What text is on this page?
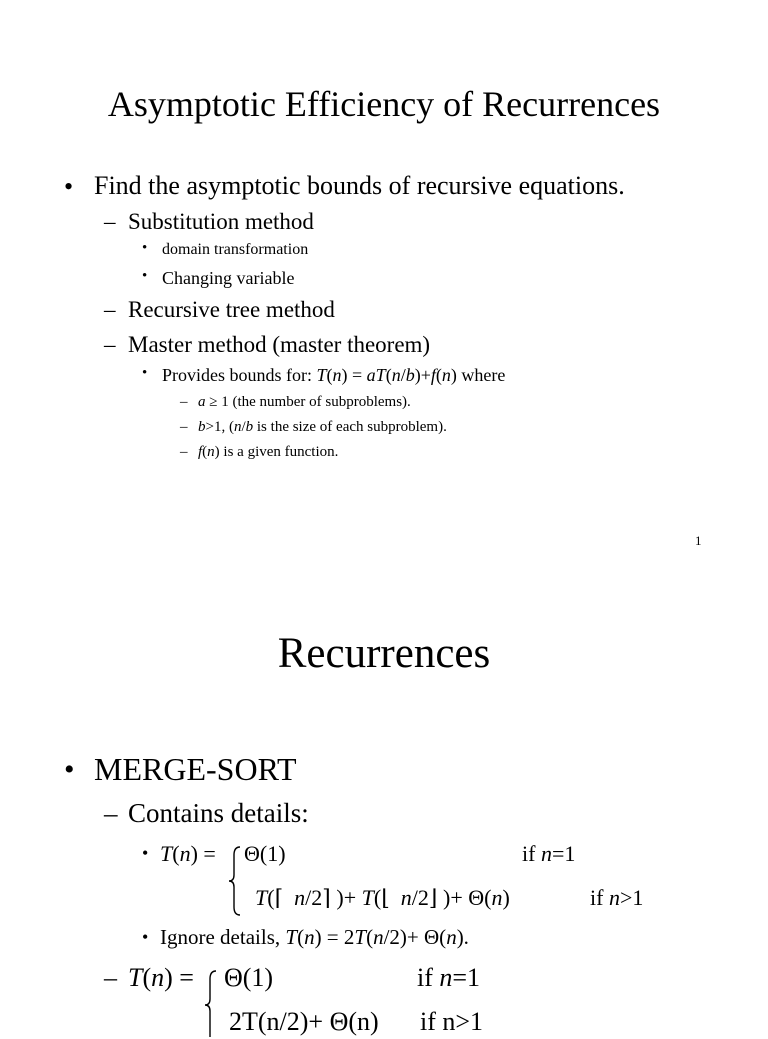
Asymptotic Efficiency of Recurrences
• Find the asymptotic bounds of recursive equations.
– Substitution method
• domain transformation
• Changing variable
– Recursive tree method
– Master method (master theorem)
• Provides bounds for: T(n) = aT(n/b)+f(n) where
– a ≥ 1 (the number of subproblems).
– b>1, (n/b is the size of each subproblem).
– f(n) is a given function.
1
Recurrences
• MERGE-SORT
– Contains details:
• T(n) = Θ(1)	if n=1
T(⌈ n/2⌉ )+ T(⌊ n/2⌋ )+ Θ(n)	if n>1
• Ignore details, T(n) = 2T(n/2)+ Θ(n).
– T(n) = Θ(1)	if n=1
2T(n/2)+ Θ(n) if n>1
